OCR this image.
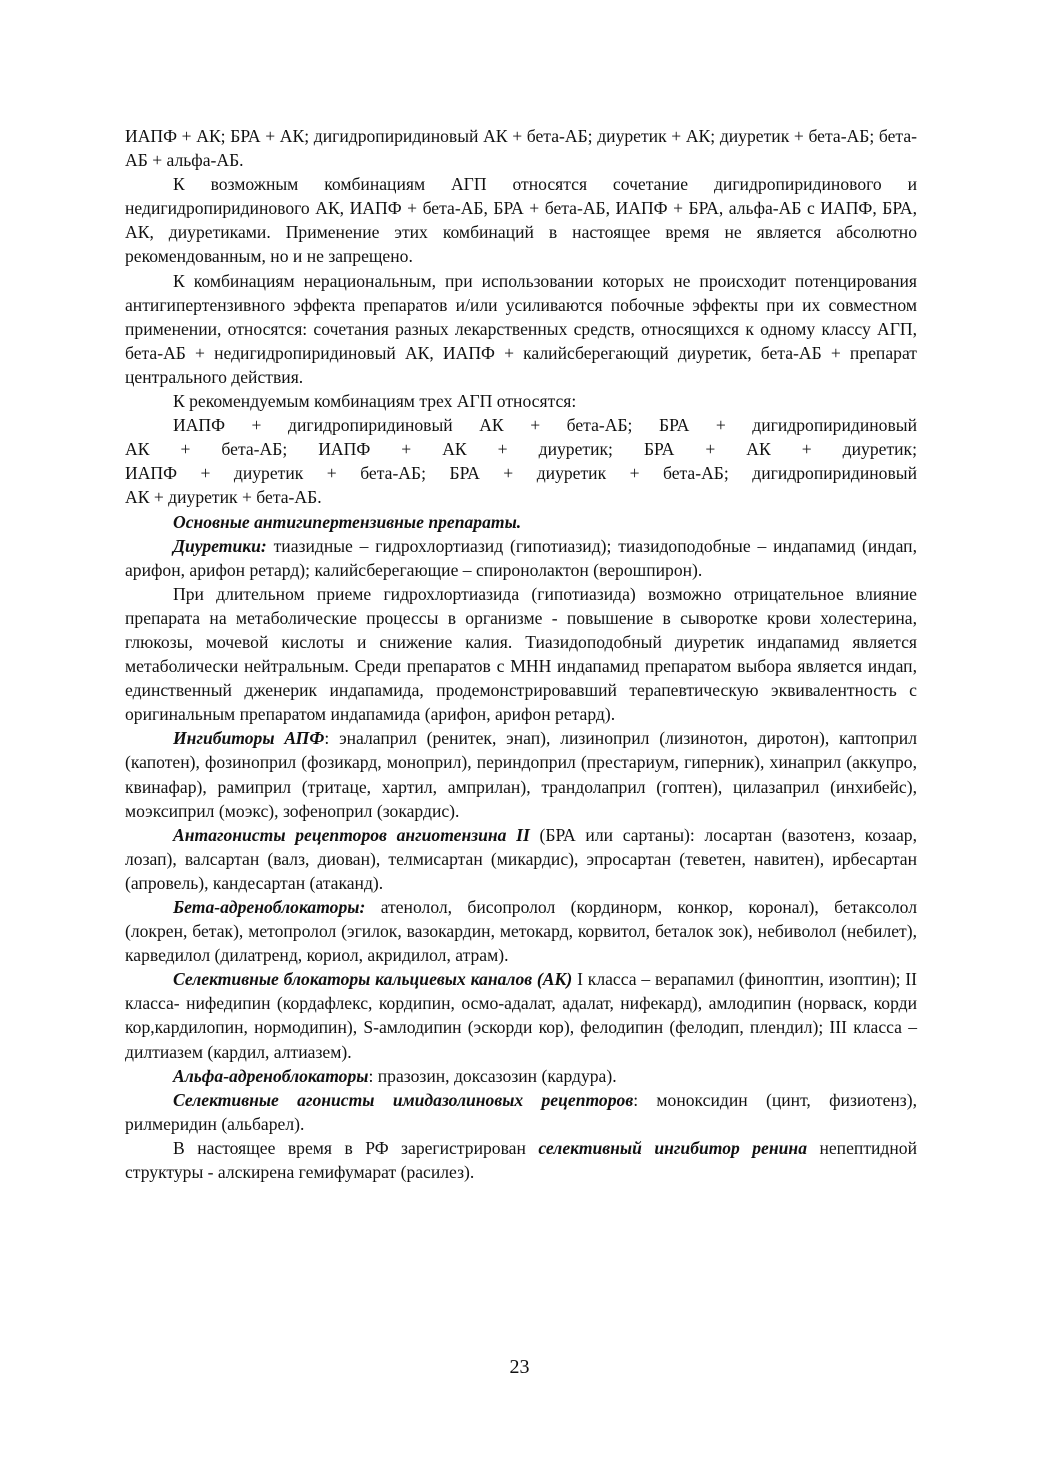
ИАПФ + АК; БРА + АК; дигидропиридиновый АК + бета-АБ; диуретик + АК; диуретик + бета-АБ; бета-АБ + альфа-АБ.

К возможным комбинациям АГП относятся сочетание дигидропиридинового и недигидропиридинового АК, ИАПФ + бета-АБ, БРА + бета-АБ, ИАПФ + БРА, альфа-АБ с ИАПФ, БРА, АК, диуретиками. Применение этих комбинаций в настоящее время не является абсолютно рекомендованным, но и не запрещено.

К комбинациям нерациональным, при использовании которых не происходит потенцирования антигипертензивного эффекта препаратов и/или усиливаются побочные эффекты при их совместном применении, относятся: сочетания разных лекарственных средств, относящихся к одному классу АГП, бета-АБ + недигидропиридиновый АК, ИАПФ + калийсберегающий диуретик, бета-АБ + препарат центрального действия.

К рекомендуемым комбинациям трех АГП относятся:

ИАПФ + дигидропиридиновый АК + бета-АБ; БРА + дигидропиридиновый

АК + бета-АБ; ИАПФ + АК + диуретик; БРА + АК + диуретик;

ИАПФ + диуретик + бета-АБ; БРА + диуретик + бета-АБ; дигидропиридиновый

АК + диуретик + бета-АБ.

Основные антигипертензивные препараты.

Диуретики: тиазидные – гидрохлортиазид (гипотиазид); тиазидоподобные – индапамид (индап, арифон, арифон ретард); калийсберегающие – спиронолактон (верошпирон).

При длительном приеме гидрохлортиазида (гипотиазида) возможно отрицательное влияние препарата на метаболические процессы в организме - повышение в сыворотке крови холестерина, глюкозы, мочевой кислоты и снижение калия. Тиазидоподобный диуретик индапамид является метаболически нейтральным. Среди препаратов с МНН индапамид препаратом выбора является индап, единственный дженерик индапамида, продемонстрировавший терапевтическую эквивалентность с оригинальным препаратом индапамида (арифон, арифон ретард).

Ингибиторы АПФ: эналаприл (ренитек, энап), лизиноприл (лизинотон, диротон), каптоприл (капотен), фозиноприл (фозикард, моноприл), периндоприл (престариум, гиперник), хинаприл (аккупро, квинафар), рамиприл (тритаце, хартил, амприлан), трандолаприл (гоптен), цилазаприл (инхибейс), моэксиприл (моэкс), зофеноприл (зокардис).

Антагонисты рецепторов ангиотензина II (БРА или сартаны): лосартан (вазотенз, козаар, лозап), валсартан (валз, диован), телмисартан (микардис), эпросартан (теветен, навитен), ирбесартан (апровель), кандесартан (атаканд).

Бета-адреноблокаторы: атенолол, бисопролол (кординорм, конкор, коронал), бетаксолол (локрен, бетак), метопролол (эгилок, вазокардин, метокард, корвитол, беталок зок), небиволол (небилет), карведилол (дилатренд, кориол, акридилол, атрам).

Селективные блокаторы кальциевых каналов (АК) I класса – верапамил (финоптин, изоптин); II класса- нифедипин (кордафлекс, кордипин, осмо-адалат, адалат, нифекард), амлодипин (норваск, корди кор,кардилопин, нормодипин), S-амлодипин (эскорди кор), фелодипин (фелодип, плендил); III класса – дилтиазем (кардил, алтиазем).

Альфа-адреноблокаторы: празозин, доксазозин (кардура).

Селективные агонисты имидазолиновых рецепторов: моноксидин (цинт, физиотенз), рилмеридин (альбарел).

В настоящее время в РФ зарегистрирован селективный ингибитор ренина непептидной структуры - алскирена гемифумарат (расилез).

23
